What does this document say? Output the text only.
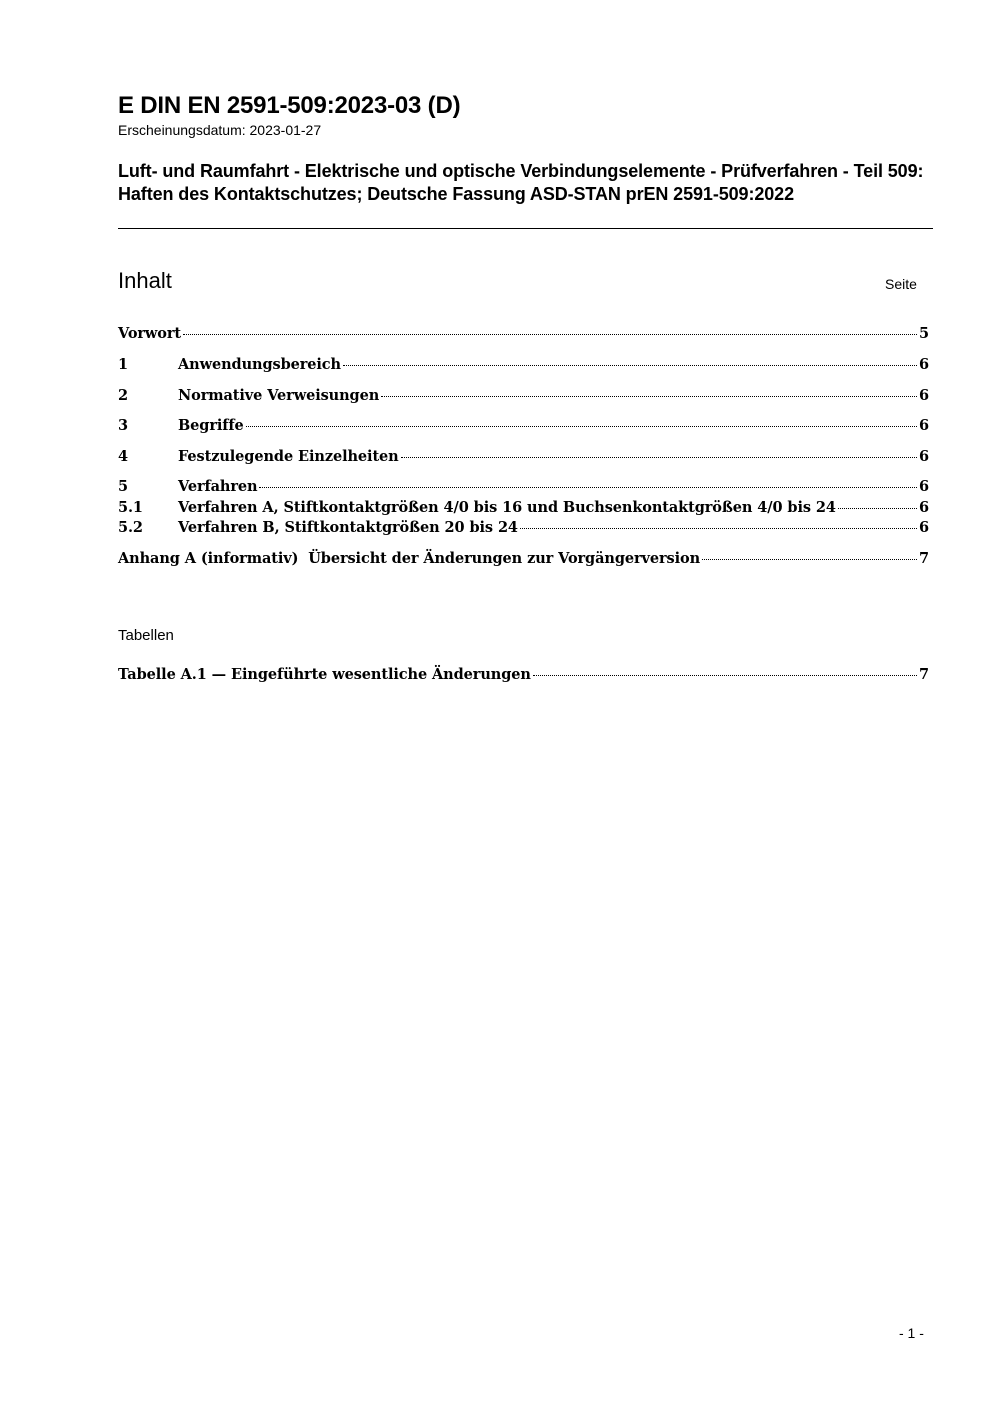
E DIN EN 2591-509:2023-03 (D)
Erscheinungsdatum: 2023-01-27
Luft- und Raumfahrt - Elektrische und optische Verbindungselemente - Prüfverfahren - Teil 509: Haften des Kontaktschutzes; Deutsche Fassung ASD-STAN prEN 2591-509:2022
Inhalt	Seite
Vorwort	5
1	Anwendungsbereich	6
2	Normative Verweisungen	6
3	Begriffe	6
4	Festzulegende Einzelheiten	6
5	Verfahren	6
5.1	Verfahren A, Stiftkontaktgrößen 4/0 bis 16 und Buchsenkontaktgrößen 4/0 bis 24	6
5.2	Verfahren B, Stiftkontaktgrößen 20 bis 24	6
Anhang A (informativ)  Übersicht der Änderungen zur Vorgängerversion	7
Tabellen
Tabelle A.1 — Eingeführte wesentliche Änderungen	7
- 1 -
